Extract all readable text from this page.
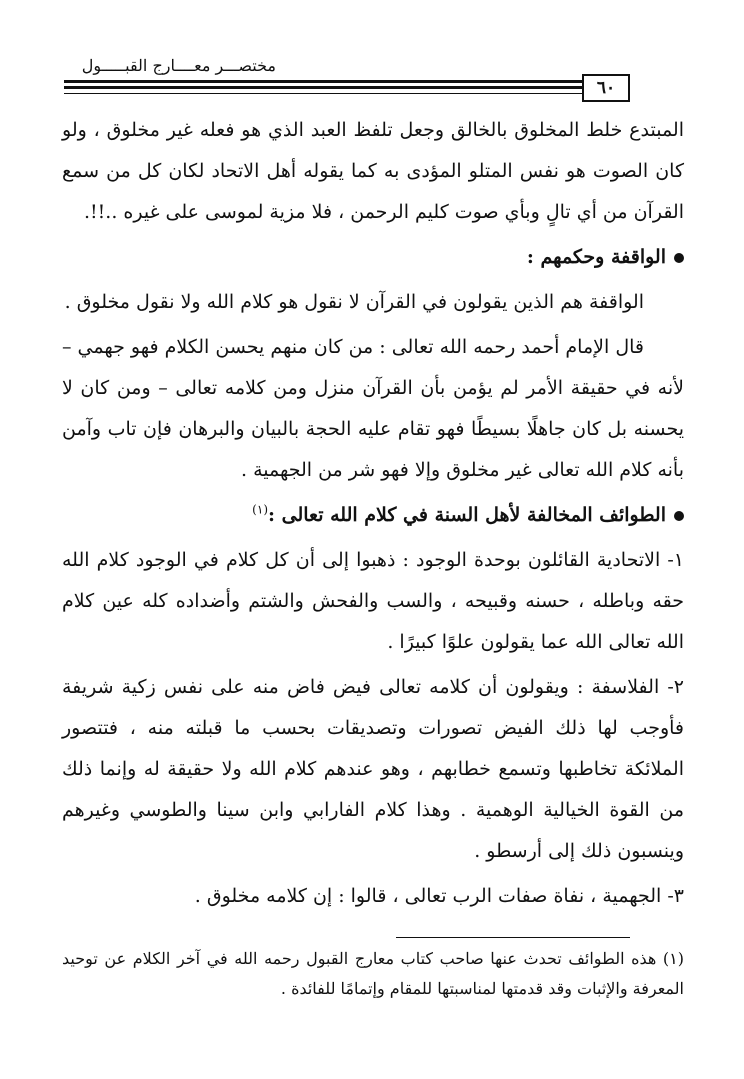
مختصـــر معــــارج القبـــــول
٦٠

المبتدع خلط المخلوق بالخالق وجعل تلفظ العبد الذي هو فعله غير مخلوق ، ولو كان الصوت هو نفس المتلو المؤدى به كما يقوله أهل الاتحاد لكان كل من سمع القرآن من أي تالٍ وبأي صوت كليم الرحمن ، فلا مزية لموسى على غيره ..!!.

الواقفة وحكمهم :

الواقفة هم الذين يقولون في القرآن لا نقول هو كلام الله ولا نقول مخلوق .

قال الإمام أحمد رحمه الله تعالى : من كان منهم يحسن الكلام فهو جهمي – لأنه في حقيقة الأمر لم يؤمن بأن القرآن منزل ومن كلامه تعالى – ومن كان لا يحسنه بل كان جاهلًا بسيطًا فهو تقام عليه الحجة بالبيان والبرهان فإن تاب وآمن بأنه كلام الله تعالى غير مخلوق وإلا فهو شر من الجهمية .

الطوائف المخالفة لأهل السنة في كلام الله تعالى :$^{(١)}$

١- الاتحادية القائلون بوحدة الوجود : ذهبوا إلى أن كل كلام في الوجود كلام الله حقه وباطله ، حسنه وقبيحه ، والسب والفحش والشتم وأضداده كله عين كلام الله تعالى الله عما يقولون علوًا كبيرًا .

٢- الفلاسفة : ويقولون أن كلامه تعالى فيض فاض منه على نفس زكية شريفة فأوجب لها ذلك الفيض تصورات وتصديقات بحسب ما قبلته منه ، فتتصور الملائكة تخاطبها وتسمع خطابهم ، وهو عندهم كلام الله ولا حقيقة له وإنما ذلك من القوة الخيالية الوهمية . وهذا كلام الفارابي وابن سينا والطوسي وغيرهم وينسبون ذلك إلى أرسطو .

٣- الجهمية ، نفاة صفات الرب تعالى ، قالوا : إن كلامه مخلوق .

(١) هذه الطوائف تحدث عنها صاحب كتاب معارج القبول رحمه الله في آخر الكلام عن توحيد المعرفة والإثبات وقد قدمتها لمناسبتها للمقام وإتمامًا للفائدة .
